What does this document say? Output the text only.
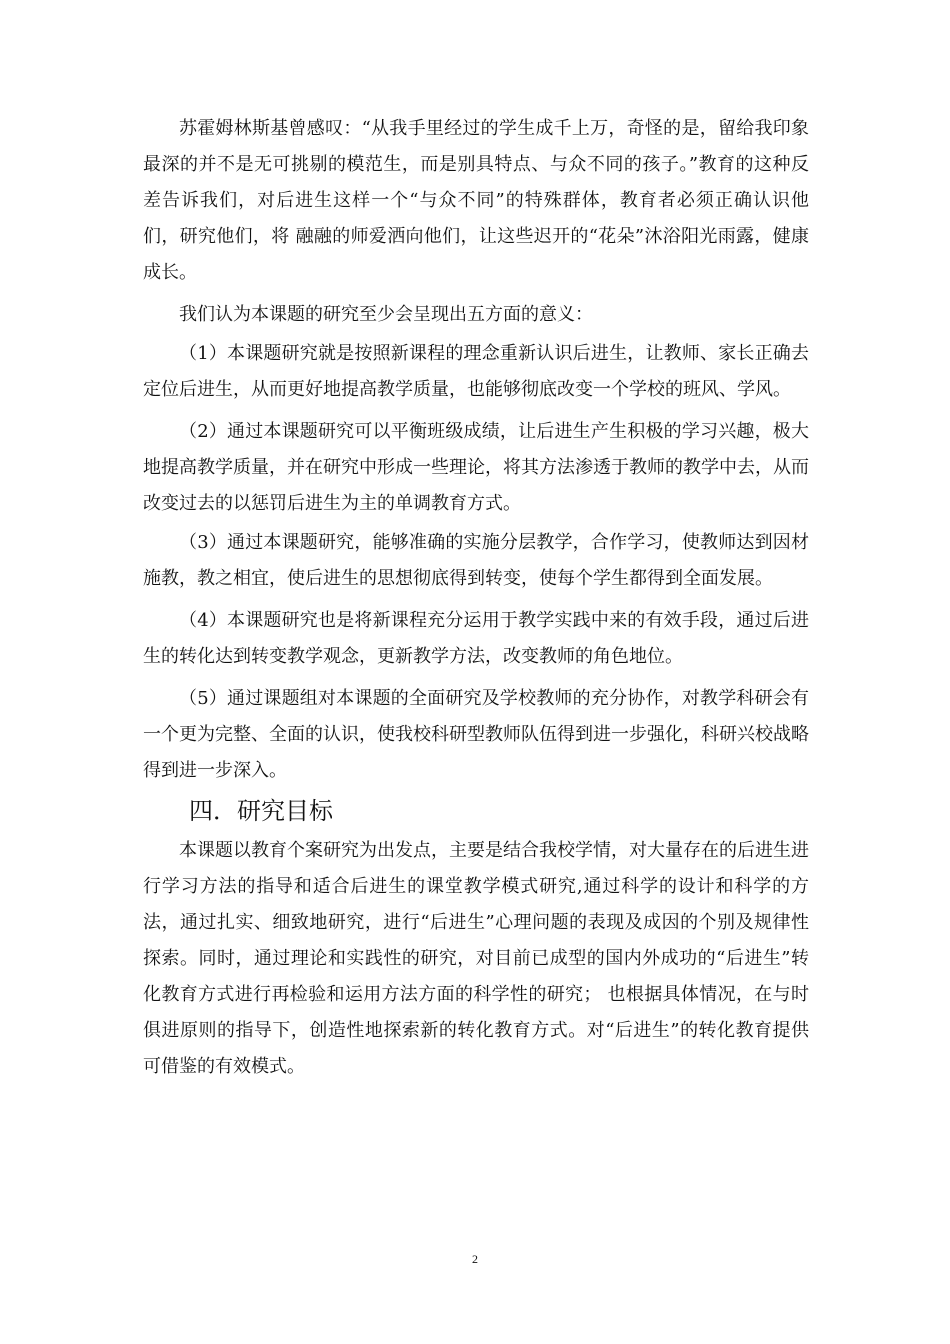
苏霍姆林斯基曾感叹：“从我手里经过的学生成千上万，奇怪的是，留给我印象最深的并不是无可挑剔的模范生，而是别具特点、与众不同的孩子。”教育的这种反差告诉我们，对后进生这样一个“与众不同”的特殊群体，教育者必须正确认识他们，研究他们，将 融融的师爱洒向他们，让这些迟开的“花朵”沐浴阳光雨露，健康成长。

我们认为本课题的研究至少会呈现出五方面的意义：

（1）本课题研究就是按照新课程的理念重新认识后进生，让教师、家长正确去定位后进生，从而更好地提高教学质量，也能够彻底改变一个学校的班风、学风。

（2）通过本课题研究可以平衡班级成绩，让后进生产生积极的学习兴趣，极大地提高教学质量，并在研究中形成一些理论，将其方法渗透于教师的教学中去，从而改变过去的以惩罚后进生为主的单调教育方式。

（3）通过本课题研究，能够准确的实施分层教学，合作学习，使教师达到因材施教，教之相宜，使后进生的思想彻底得到转变，使每个学生都得到全面发展。

（4）本课题研究也是将新课程充分运用于教学实践中来的有效手段，通过后进生的转化达到转变教学观念，更新教学方法，改变教师的角色地位。

（5）通过课题组对本课题的全面研究及学校教师的充分协作，对教学科研会有一个更为完整、全面的认识，使我校科研型教师队伍得到进一步强化，科研兴校战略得到进一步深入。

四．研究目标

本课题以教育个案研究为出发点，主要是结合我校学情，对大量存在的后进生进行学习方法的指导和适合后进生的课堂教学模式研究,通过科学的设计和科学的方法，通过扎实、细致地研究，进行“后进生”心理问题的表现及成因的个别及规律性探索。同时，通过理论和实践性的研究，对目前已成型的国内外成功的“后进生”转化教育方式进行再检验和运用方法方面的科学性的研究； 也根据具体情况，在与时俱进原则的指导下，创造性地探索新的转化教育方式。对“后进生”的转化教育提供可借鉴的有效模式。

2
